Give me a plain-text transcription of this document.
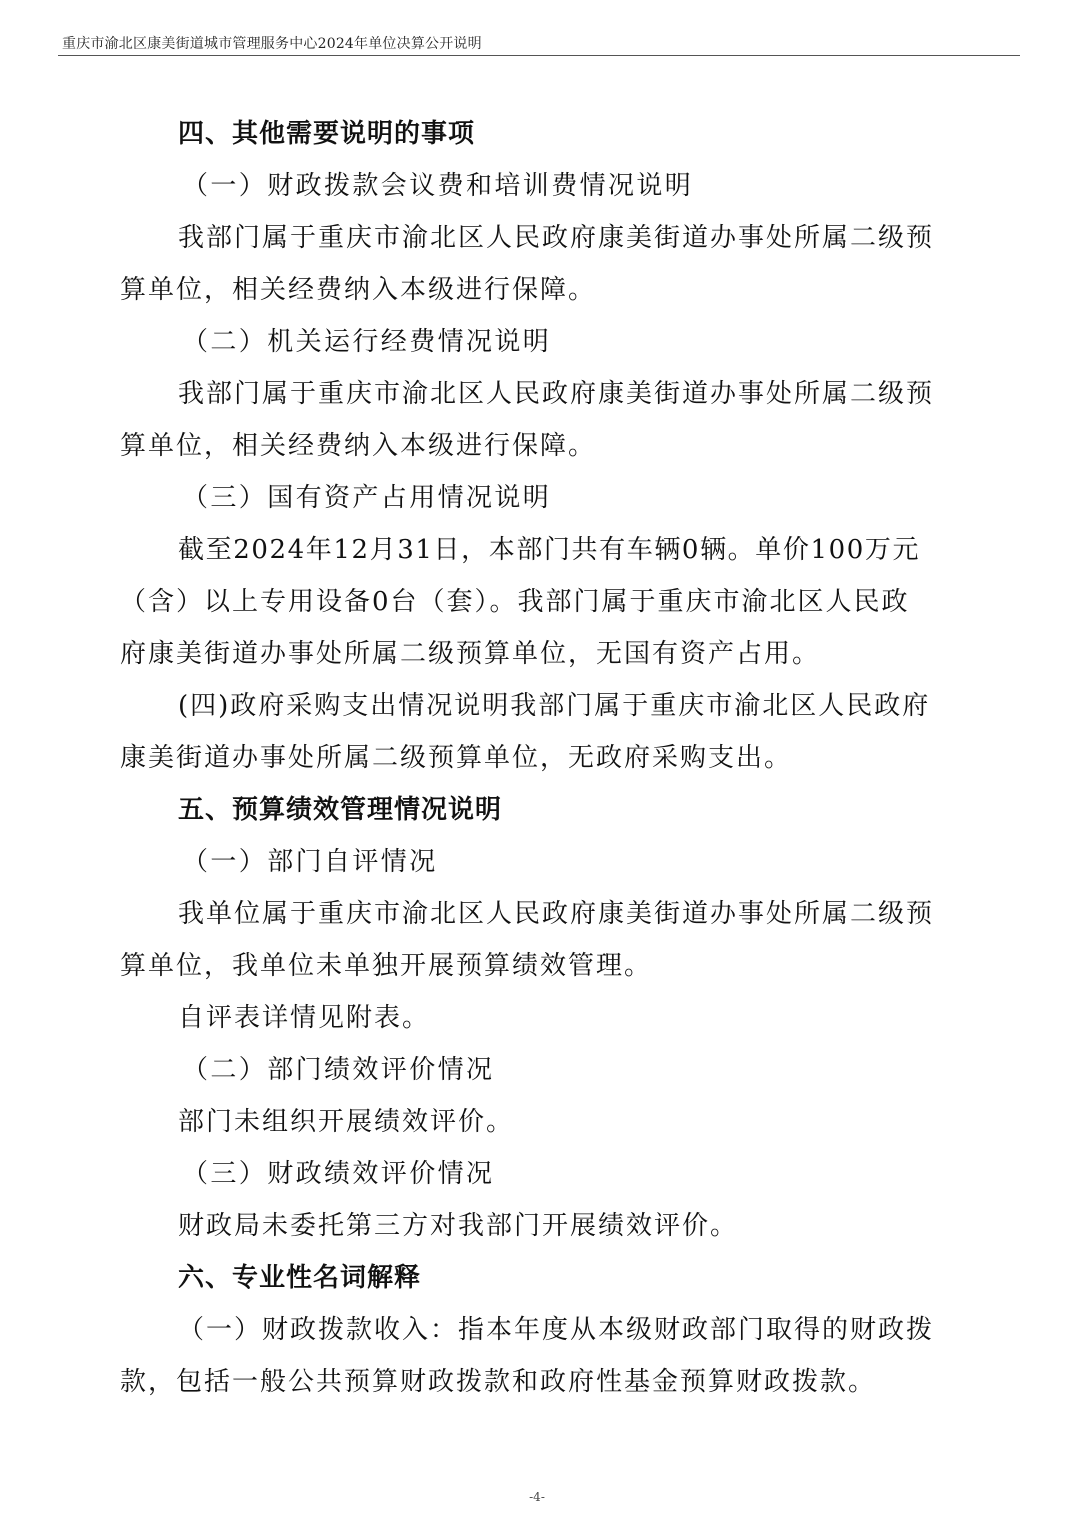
重庆市渝北区康美街道城市管理服务中心2024年单位决算公开说明
四、其他需要说明的事项
（一）财政拨款会议费和培训费情况说明
我部门属于重庆市渝北区人民政府康美街道办事处所属二级预
算单位，相关经费纳入本级进行保障。
（二）机关运行经费情况说明
我部门属于重庆市渝北区人民政府康美街道办事处所属二级预
算单位，相关经费纳入本级进行保障。
（三）国有资产占用情况说明
截至2024年12月31日，本部门共有车辆0辆。单价100万元
（含）以上专用设备0台（套）。我部门属于重庆市渝北区人民政
府康美街道办事处所属二级预算单位，无国有资产占用。
(四)政府采购支出情况说明我部门属于重庆市渝北区人民政府
康美街道办事处所属二级预算单位，无政府采购支出。
五、预算绩效管理情况说明
（一）部门自评情况
我单位属于重庆市渝北区人民政府康美街道办事处所属二级预
算单位，我单位未单独开展预算绩效管理。
自评表详情见附表。
（二）部门绩效评价情况
部门未组织开展绩效评价。
（三）财政绩效评价情况
财政局未委托第三方对我部门开展绩效评价。
六、专业性名词解释
（一）财政拨款收入：指本年度从本级财政部门取得的财政拨
款，包括一般公共预算财政拨款和政府性基金预算财政拨款。
-4-
